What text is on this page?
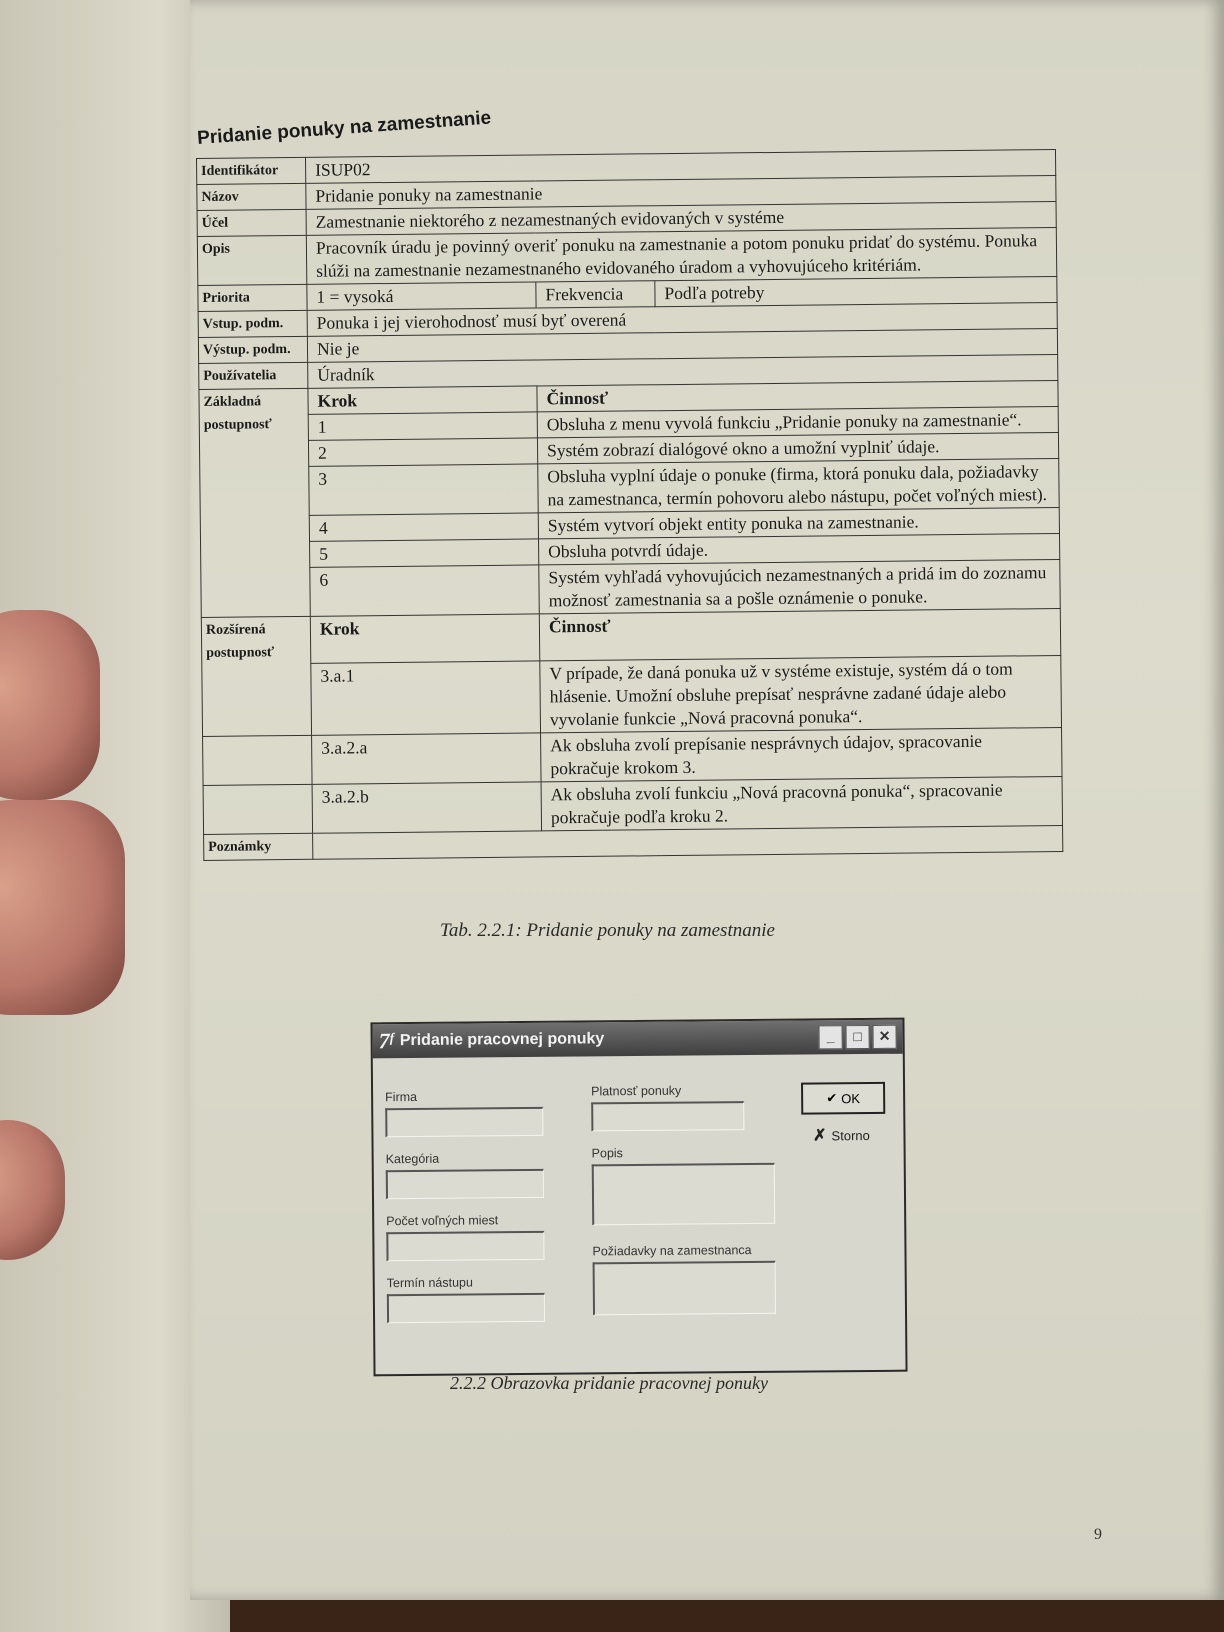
Pridanie ponuky na zamestnanie
Identifikátor	ISUP02		
Názov	Pridanie ponuky na zamestnanie		
Účel	Zamestnanie niektorého z nezamestnaných evidovaných v systéme		
Opis	Pracovník úradu je povinný overiť ponuku na zamestnanie a potom ponuku pridať do systému. Ponuka slúži na zamestnanie nezamestnaného evidovaného úradom a vyhovujúceho kritériám.		
Priorita	1 = vysoká	Frekvencia	Podľa potreby
Vstup. podm.	Ponuka i jej vierohodnosť musí byť overená		
Výstup. podm.	Nie je		
Používatelia	Úradník		
Základná postupnosť	Krok	Činnosť	
	1	Obsluha z menu vyvolá funkciu „Pridanie ponuky na zamestnanie“.	
	2	Systém zobrazí dialógové okno a umožní vyplniť údaje.	
	3	Obsluha vyplní údaje o ponuke (firma, ktorá ponuku dala, požiadavky na zamestnanca, termín pohovoru alebo nástupu, počet voľných miest).	
	4	Systém vytvorí objekt entity ponuka na zamestnanie.	
	5	Obsluha potvrdí údaje.	
	6	Systém vyhľadá vyhovujúcich nezamestnaných a pridá im do zoznamu možnosť zamestnania sa a pošle oznámenie o ponuke.	
Rozšírená postupnosť	Krok	Činnosť	
	3.a.1	V prípade, že daná ponuka už v systéme existuje, systém dá o tom hlásenie. Umožní obsluhe prepísať nesprávne zadané údaje alebo vyvolanie funkcie „Nová pracovná ponuka“.	
	3.a.2.a	Ak obsluha zvolí prepísanie nesprávnych údajov, spracovanie pokračuje krokom 3.	
	3.a.2.b	Ak obsluha zvolí funkciu „Nová pracovná ponuka“, spracovanie pokračuje podľa kroku 2.	
Poznámky			
Tab. 2.2.1: Pridanie ponuky na zamestnanie
7ᶠ Pridanie pracovnej ponuky	_	□	✕
Firma
Kategória
Počet voľných miest
Termín nástupu
Platnosť ponuky
Popis
Požiadavky na zamestnanca
✔ OK
✗ Storno
2.2.2 Obrazovka pridanie pracovnej ponuky
9
